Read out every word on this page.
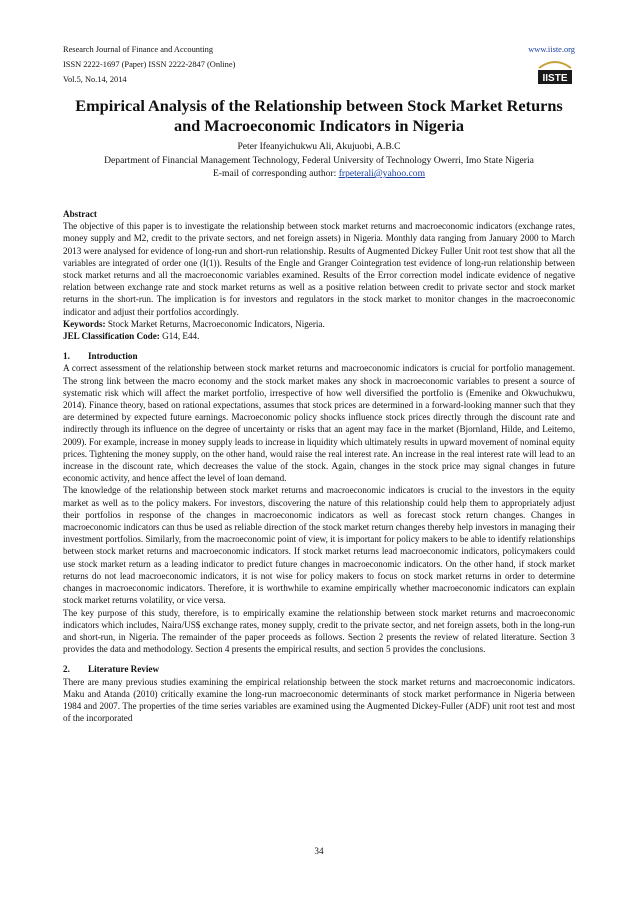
Research Journal of Finance and Accounting
ISSN 2222-1697 (Paper) ISSN 2222-2847 (Online)
Vol.5, No.14, 2014
www.iiste.org
IISTE
Empirical Analysis of the Relationship between Stock Market Returns and Macroeconomic Indicators in Nigeria
Peter Ifeanyichukwu Ali, Akujuobi, A.B.C
Department of Financial Management Technology, Federal University of Technology Owerri, Imo State Nigeria
E-mail of corresponding author: frpeterali@yahoo.com

Abstract

The objective of this paper is to investigate the relationship between stock market returns and macroeconomic indicators (exchange rates, money supply and M2, credit to the private sectors, and net foreign assets) in Nigeria. Monthly data ranging from January 2000 to March 2013 were analysed for evidence of long-run and short-run relationship. Results of Augmented Dickey Fuller Unit root test show that all the variables are integrated of order one (I(1)). Results of the Engle and Granger Cointegration test evidence of long-run relationship between stock market returns and all the macroeconomic variables examined. Results of the Error correction model indicate evidence of negative relation between exchange rate and stock market returns as well as a positive relation between credit to private sector and stock market returns in the short-run. The implication is for investors and regulators in the stock market to monitor changes in the macroeconomic indicator and adjust their portfolios accordingly.

Keywords: Stock Market Returns, Macroeconomic Indicators, Nigeria.

JEL Classification Code: G14, E44.

1.	Introduction

A correct assessment of the relationship between stock market returns and macroeconomic indicators is crucial for portfolio management. The strong link between the macro economy and the stock market makes any shock in macroeconomic variables to present a source of systematic risk which will affect the market portfolio, irrespective of how well diversified the portfolio is (Emenike and Okwuchukwu, 2014). Finance theory, based on rational expectations, assumes that stock prices are determined in a forward-looking manner such that they are determined by expected future earnings. Macroeconomic policy shocks influence stock prices directly through the discount rate and indirectly through its influence on the degree of uncertainty or risks that an agent may face in the market (Bjornland, Hilde, and Leitemo, 2009). For example, increase in money supply leads to increase in liquidity which ultimately results in upward movement of nominal equity prices. Tightening the money supply, on the other hand, would raise the real interest rate. An increase in the real interest rate will lead to an increase in the discount rate, which decreases the value of the stock. Again, changes in the stock price may signal changes in future economic activity, and hence affect the level of loan demand.

The knowledge of the relationship between stock market returns and macroeconomic indicators is crucial to the investors in the equity market as well as to the policy makers. For investors, discovering the nature of this relationship could help them to appropriately adjust their portfolios in response of the changes in macroeconomic indicators as well as forecast stock return changes. Changes in macroeconomic indicators can thus be used as reliable direction of the stock market return changes thereby help investors in managing their investment portfolios. Similarly, from the macroeconomic point of view, it is important for policy makers to be able to identify relationships between stock market returns and macroeconomic indicators. If stock market returns lead macroeconomic indicators, policymakers could use stock market return as a leading indicator to predict future changes in macroeconomic indicators. On the other hand, if stock market returns do not lead macroeconomic indicators, it is not wise for policy makers to focus on stock market returns in order to determine changes in macroeconomic indicators. Therefore, it is worthwhile to examine empirically whether macroeconomic indicators can explain stock market returns volatility, or vice versa.

The key purpose of this study, therefore, is to empirically examine the relationship between stock market returns and macroeconomic indicators which includes, Naira/US$ exchange rates, money supply, credit to the private sector, and net foreign assets, both in the long-run and short-run, in Nigeria. The remainder of the paper proceeds as follows. Section 2 presents the review of related literature. Section 3 provides the data and methodology. Section 4 presents the empirical results, and section 5 provides the conclusions.

2.	Literature Review

There are many previous studies examining the empirical relationship between the stock market returns and macroeconomic indicators. Maku and Atanda (2010) critically examine the long-run macroeconomic determinants of stock market performance in Nigeria between 1984 and 2007. The properties of the time series variables are examined using the Augmented Dickey-Fuller (ADF) unit root test and most of the incorporated

34
